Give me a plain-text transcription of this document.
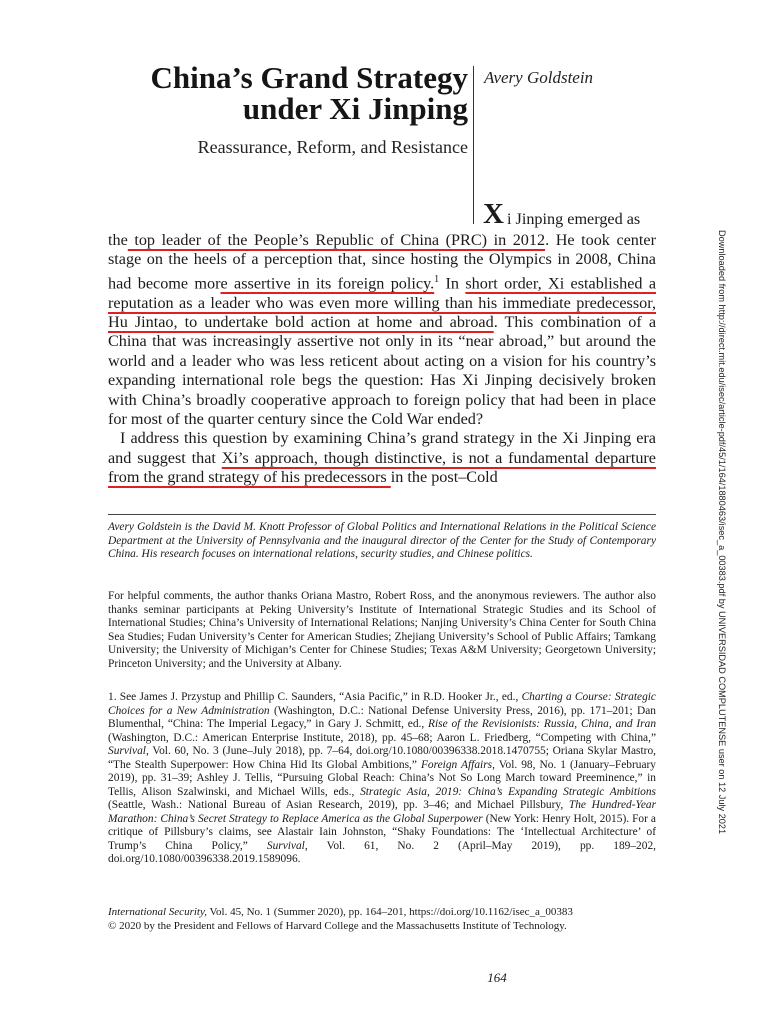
China’s Grand Strategy
under Xi Jinping
Avery Goldstein
Reassurance, Reform, and Resistance
X i Jinping emerged as

the top leader of the People’s Republic of China (PRC) in 2012. He took center stage on the heels of a perception that, since hosting the Olympics in 2008, China had become more assertive in its foreign policy.$^1$ In short order, Xi established a reputation as a leader who was even more willing than his immediate predecessor, Hu Jintao, to undertake bold action at home and abroad. This combination of a China that was increasingly assertive not only in its “near abroad,” but around the world and a leader who was less reticent about acting on a vision for his country’s expanding international role begs the question: Has Xi Jinping decisively broken with China’s broadly cooperative approach to foreign policy that had been in place for most of the quarter century since the Cold War ended?

I address this question by examining China’s grand strategy in the Xi Jinping era and suggest that Xi’s approach, though distinctive, is not a fundamental departure from the grand strategy of his predecessors in the post–Cold

Avery Goldstein is the David M. Knott Professor of Global Politics and International Relations in the Political Science Department at the University of Pennsylvania and the inaugural director of the Center for the Study of Contemporary China. His research focuses on international relations, security studies, and Chinese politics.

For helpful comments, the author thanks Oriana Mastro, Robert Ross, and the anonymous reviewers. The author also thanks seminar participants at Peking University’s Institute of International Strategic Studies and its School of International Studies; China’s University of International Relations; Nanjing University’s China Center for South China Sea Studies; Fudan University’s Center for American Studies; Zhejiang University’s School of Public Affairs; Tamkang University; the University of Michigan’s Center for Chinese Studies; Texas A&M University; Georgetown University; Princeton University; and the University at Albany.

1. See James J. Przystup and Phillip C. Saunders, “Asia Pacific,” in R.D. Hooker Jr., ed., Charting a Course: Strategic Choices for a New Administration (Washington, D.C.: National Defense University Press, 2016), pp. 171–201; Dan Blumenthal, “China: The Imperial Legacy,” in Gary J. Schmitt, ed., Rise of the Revisionists: Russia, China, and Iran (Washington, D.C.: American Enterprise Institute, 2018), pp. 45–68; Aaron L. Friedberg, “Competing with China,” Survival, Vol. 60, No. 3 (June–July 2018), pp. 7–64, doi.org/10.1080/00396338.2018.1470755; Oriana Skylar Mastro, “The Stealth Superpower: How China Hid Its Global Ambitions,” Foreign Affairs, Vol. 98, No. 1 (January–February 2019), pp. 31–39; Ashley J. Tellis, “Pursuing Global Reach: China’s Not So Long March toward Preeminence,” in Tellis, Alison Szalwinski, and Michael Wills, eds., Strategic Asia, 2019: China’s Expanding Strategic Ambitions (Seattle, Wash.: National Bureau of Asian Research, 2019), pp. 3–46; and Michael Pillsbury, The Hundred-Year Marathon: China’s Secret Strategy to Replace America as the Global Superpower (New York: Henry Holt, 2015). For a critique of Pillsbury’s claims, see Alastair Iain Johnston, “Shaky Foundations: The ‘Intellectual Architecture’ of Trump’s China Policy,” Survival, Vol. 61, No. 2 (April–May 2019), pp. 189–202, doi.org/10.1080/00396338.2019.1589096.

International Security, Vol. 45, No. 1 (Summer 2020), pp. 164–201, https://doi.org/10.1162/isec_a_00383
© 2020 by the President and Fellows of Harvard College and the Massachusetts Institute of Technology.
164
Downloaded from http://direct.mit.edu/isec/article-pdf/45/1/164/1880463/isec_a_00383.pdf by UNIVERSIDAD COMPLUTENSE user on 12 July 2021
